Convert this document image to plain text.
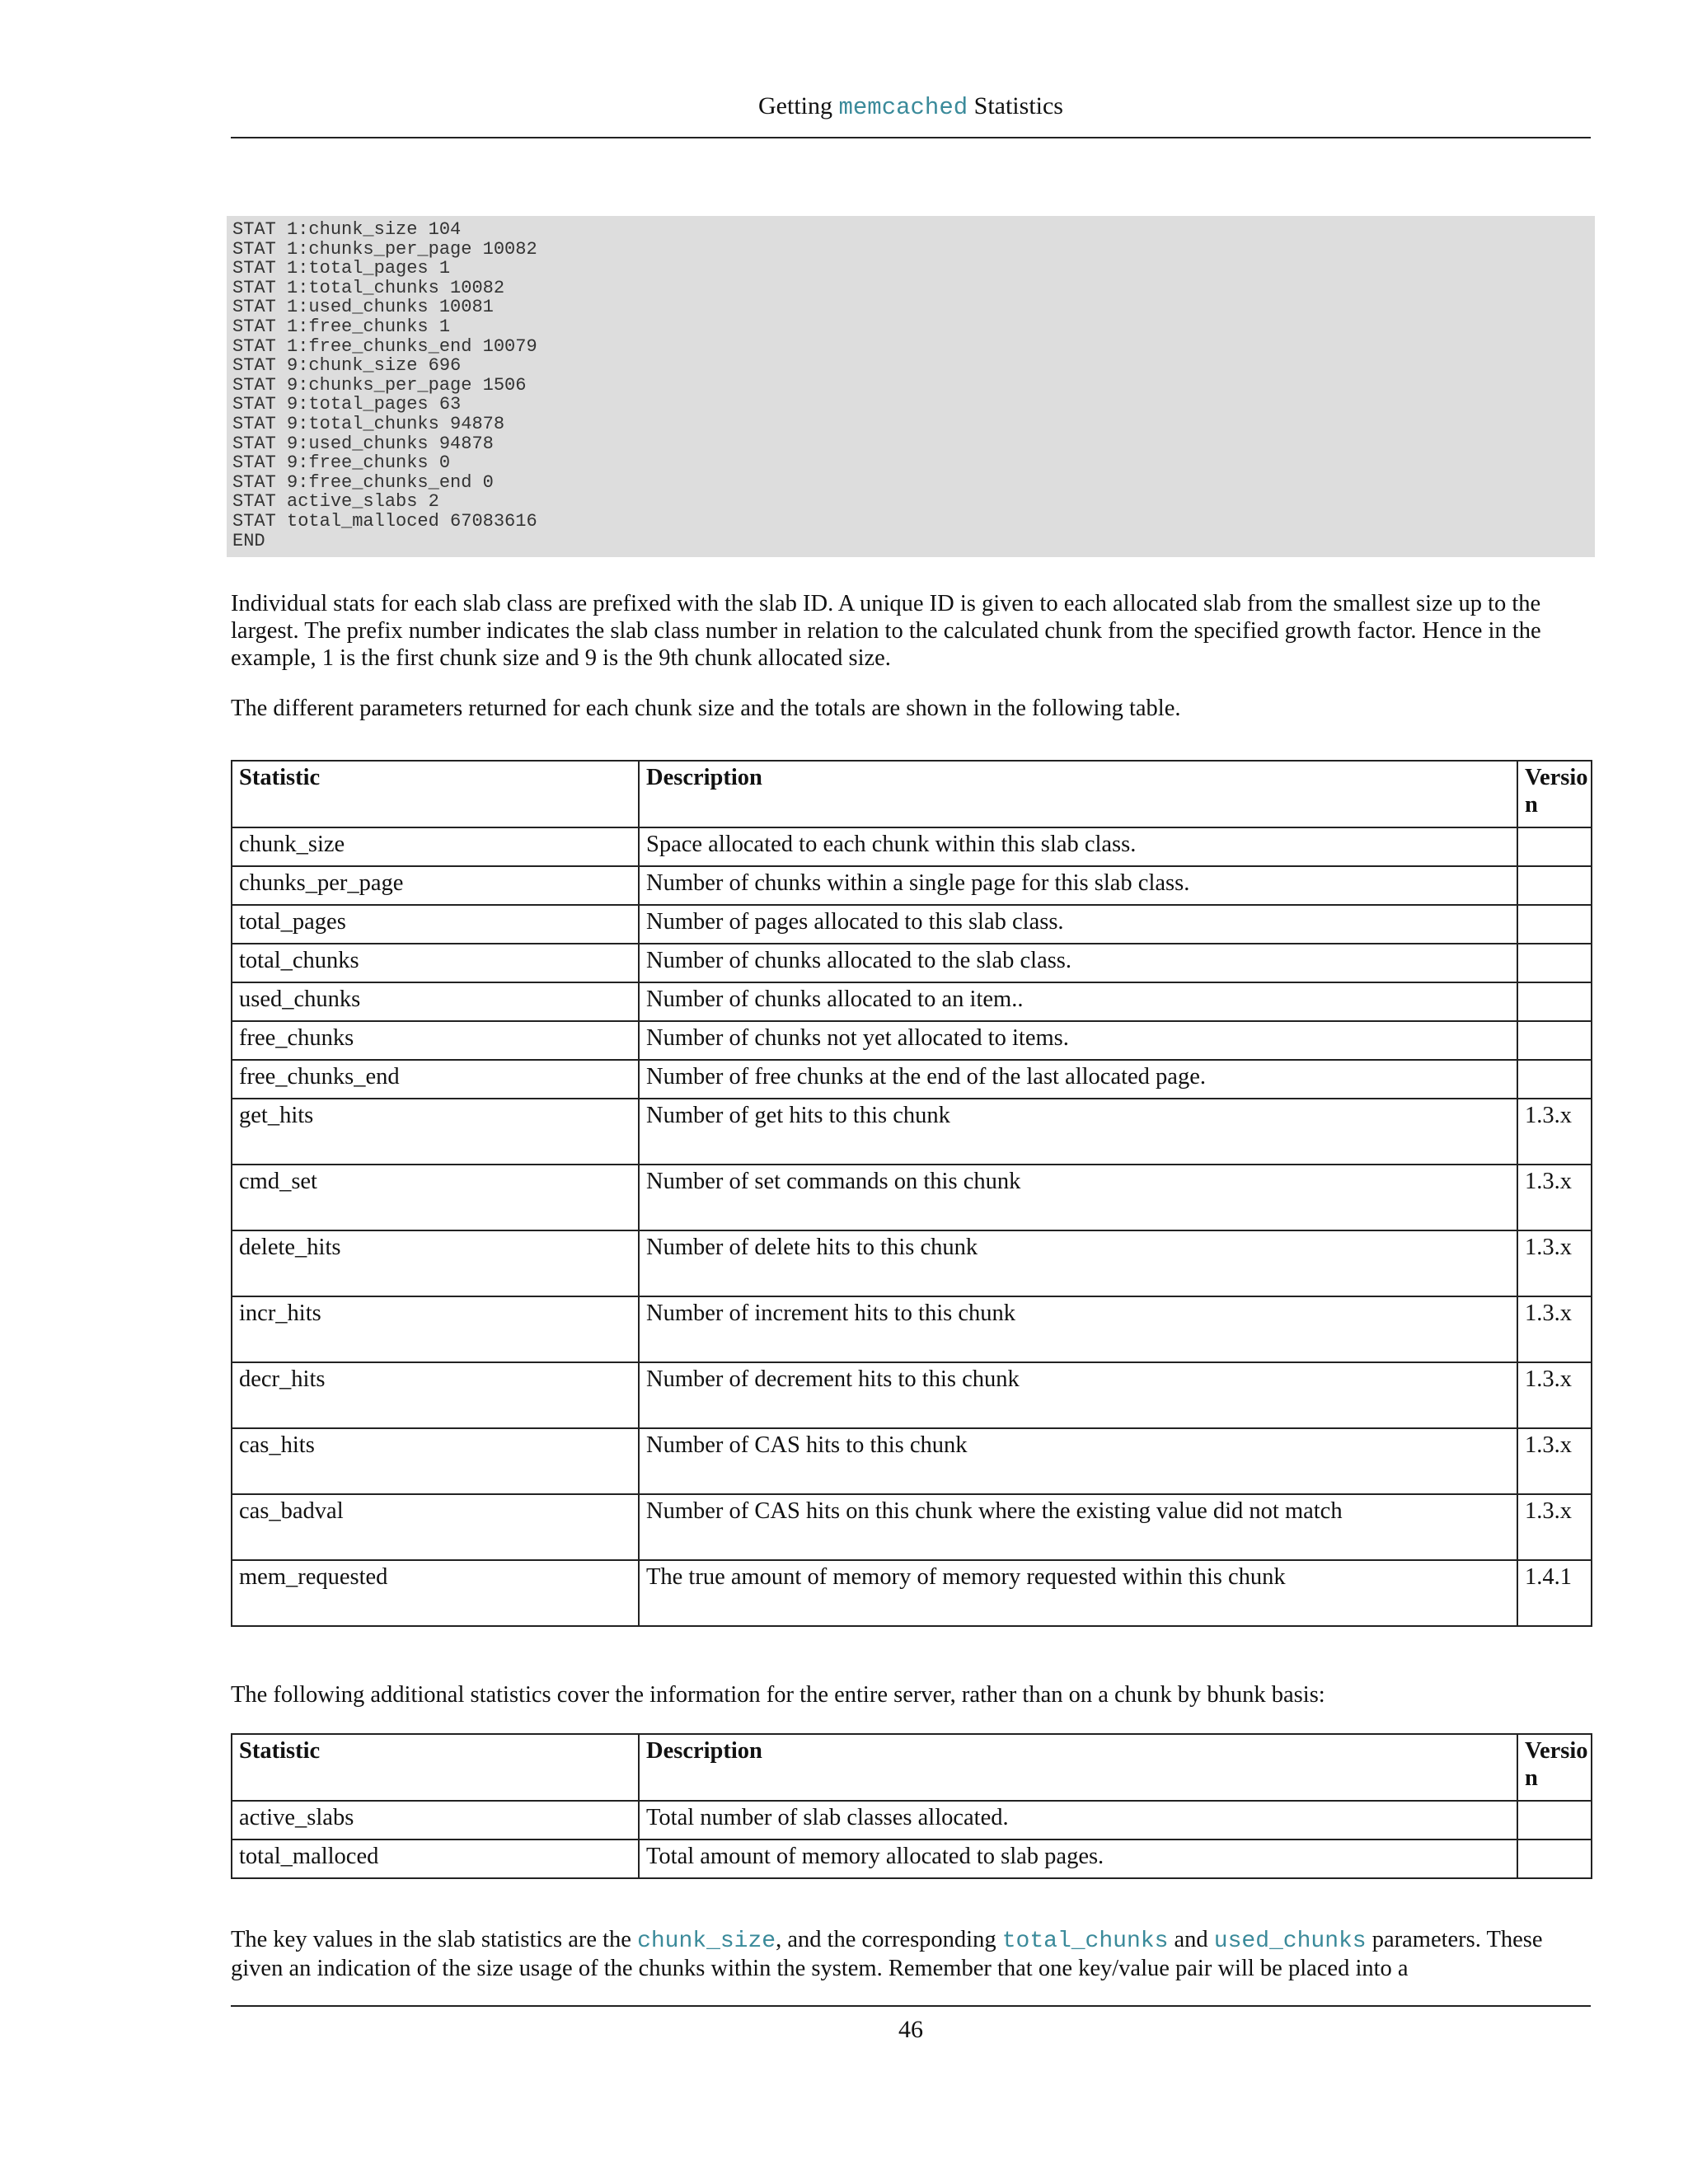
Getting memcached Statistics
STAT 1:chunk_size 104
STAT 1:chunks_per_page 10082
STAT 1:total_pages 1
STAT 1:total_chunks 10082
STAT 1:used_chunks 10081
STAT 1:free_chunks 1
STAT 1:free_chunks_end 10079
STAT 9:chunk_size 696
STAT 9:chunks_per_page 1506
STAT 9:total_pages 63
STAT 9:total_chunks 94878
STAT 9:used_chunks 94878
STAT 9:free_chunks 0
STAT 9:free_chunks_end 0
STAT active_slabs 2
STAT total_malloced 67083616
END
Individual stats for each slab class are prefixed with the slab ID. A unique ID is given to each allocated slab from the smallest size up to the largest. The prefix number indicates the slab class number in relation to the calculated chunk from the specified growth factor. Hence in the example, 1 is the first chunk size and 9 is the 9th chunk allocated size.
The different parameters returned for each chunk size and the totals are shown in the following table.
Statistic	Description	Version
chunk_size	Space allocated to each chunk within this slab class.	
chunks_per_page	Number of chunks within a single page for this slab class.	
total_pages	Number of pages allocated to this slab class.	
total_chunks	Number of chunks allocated to the slab class.	
used_chunks	Number of chunks allocated to an item..	
free_chunks	Number of chunks not yet allocated to items.	
free_chunks_end	Number of free chunks at the end of the last allocated page.	
get_hits	Number of get hits to this chunk	1.3.x
cmd_set	Number of set commands on this chunk	1.3.x
delete_hits	Number of delete hits to this chunk	1.3.x
incr_hits	Number of increment hits to this chunk	1.3.x
decr_hits	Number of decrement hits to this chunk	1.3.x
cas_hits	Number of CAS hits to this chunk	1.3.x
cas_badval	Number of CAS hits on this chunk where the existing value did not match	1.3.x
mem_requested	The true amount of memory of memory requested within this chunk	1.4.1
The following additional statistics cover the information for the entire server, rather than on a chunk by bhunk basis:
Statistic	Description	Version
active_slabs	Total number of slab classes allocated.	
total_malloced	Total amount of memory allocated to slab pages.	
The key values in the slab statistics are the chunk_size, and the corresponding total_chunks and used_chunks parameters. These given an indication of the size usage of the chunks within the system. Remember that one key/value pair will be placed into a
46
